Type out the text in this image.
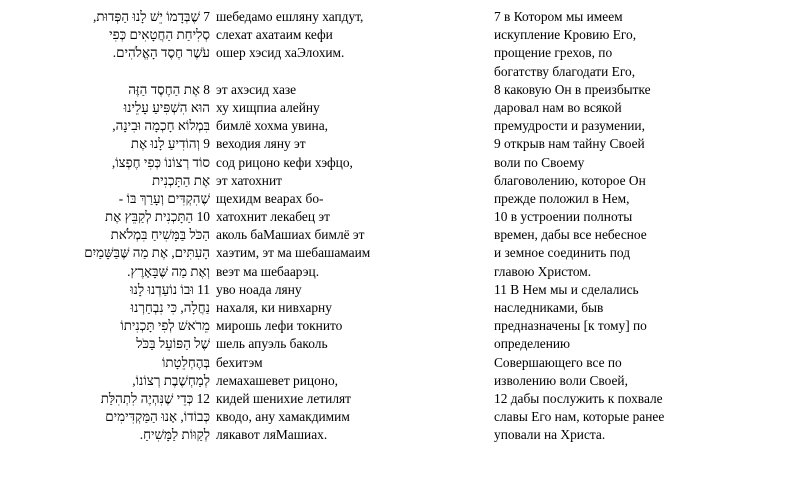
7 שֶׁבְּדָמוֹ יֵשׁ לָנוּ הַפְּדוּת,
סְלִיחַת הַחֲטָאִים כְּפִי
עֹשֶׁר חֶסֶד הָאֱלֹהִים.
8 אֶת הַחֶסֶד הַזֶּה
הוּא הִשְׁפִּיעַ עָלֵינוּ
בִּמְלוֹא חָכְמָה וּבִינָה,
9 וְהוֹדִיעַ לָנוּ אֶת
סוֹד רְצוֹנוֹ כְּפִי חֶפְצוֹ,
אֶת הַתָּכְנִית
שֶׁהִקְדִּים וְעָרַךְ בּוֹ -
10 הַתָּכְנִית לְקַבֵּץ אֶת
הַכֹּל בַּמָּשִׁיחַ בִּמְלֹאת
הָעִתִּים, אֶת מַה שֶּׁבַּשָּׁמַיִם
וְאֶת מַה שֶּׁבָּאָרֶץ.
11 וּבוֹ נוֹעַדְנוּ לָנוּ
נַחֲלָה, כִּי נִבְחַרְנוּ
מֵרֹאשׁ לְפִי תָּכְנִיתוֹ
שֶׁל הַפּוֹעֵל בַּכֹּל
בְּהֶחְלֵטָתוֹ
לְמַחְשֶׁבֶת רְצוֹנוֹ,
12 כְּדֵי שֶׁנִּהְיֶה לִתְהִלַּת
כְּבוֹדוֹ, אָנוּ הַמַּקְדִּימִים
לְקַוּוֹת לַמָּשִׁיחַ.
шебедамо ешляну хапдут,
слехат ахатаим кефи
ошер хэсид хаЭлохим.
эт ахэсид хазе
ху хищпиа алейну
бимлё хохма увина,
веходия ляну эт
сод рицоно кефи хэфцо,
эт хатохнит
щехидм веарах бо-
хатохнит лекабец эт
аколь баМашиах бимлё эт
хаэтим, эт ма шебашамаим
веэт ма шебаарэц.
уво ноада ляну
нахаля, ки нивхарну
мирошь лефи токнито
шель апуэль баколь
бехитэм
лемахашевет рицоно,
кидей шенихие летилят
кводо, ану хамакдимим
лякавот ляМашиах.
7 в Котором мы имеем
искупление Кровию Его,
прощение грехов, по
богатству благодати Его,
8 каковую Он в преизбытке
даровал нам во всякой
премудрости и разумении,
9 открыв нам тайну Своей
воли по Своему
благоволению, которое Он
прежде положил в Нем,
10 в устроении полноты
времен, дабы все небесное
и земное соединить под
главою Христом.
11 В Нем мы и сделались
наследниками, быв
предназначены [к тому] по
определению
Совершающего все по
изволению воли Своей,
12 дабы послужить к похвале
славы Его нам, которые ранее
уповали на Христа.
